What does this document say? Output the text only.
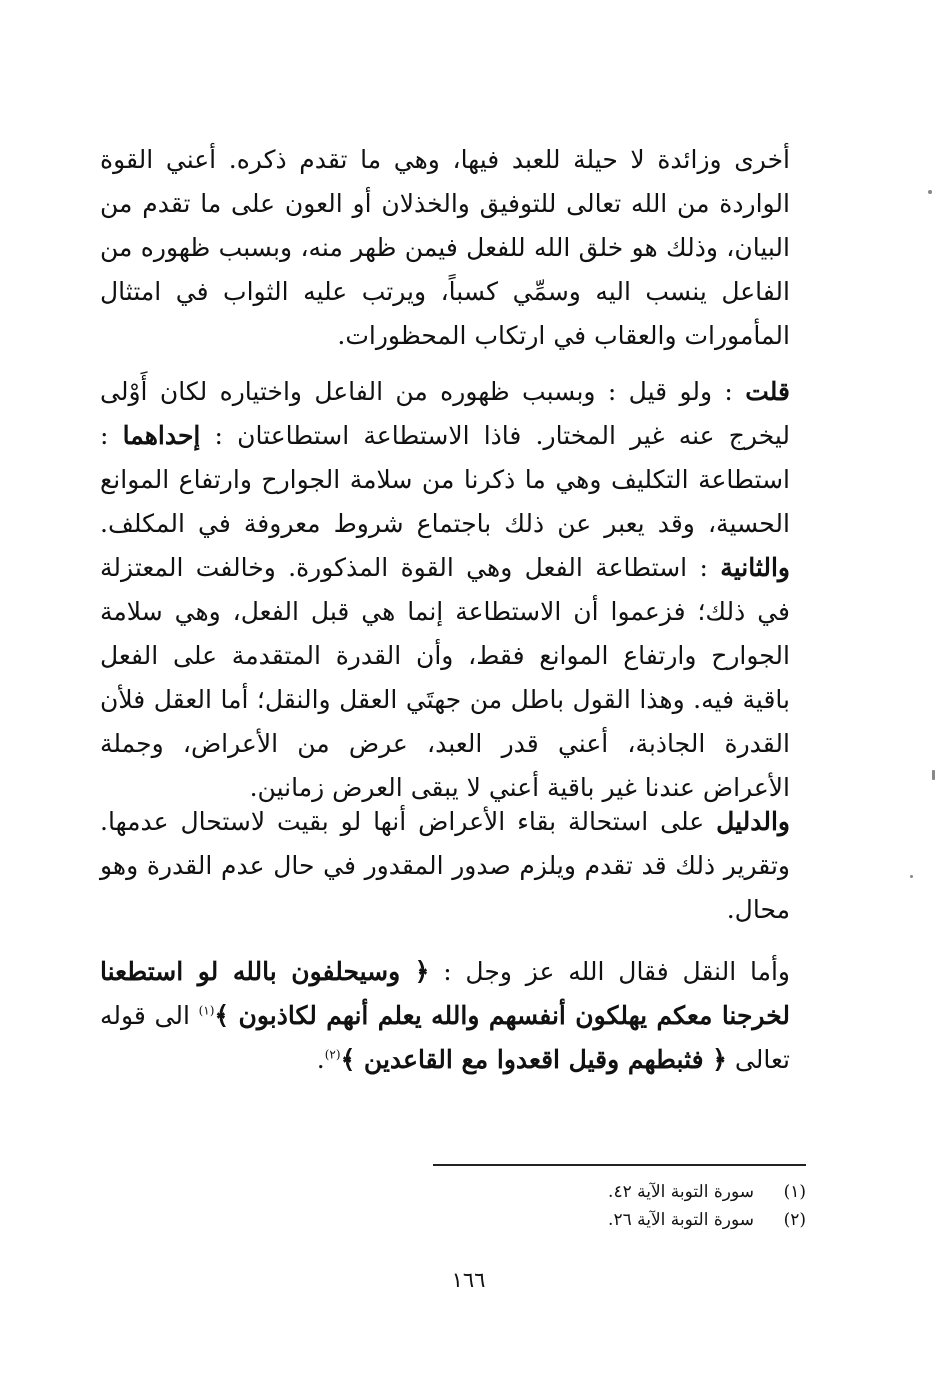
أخرى وزائدة لا حيلة للعبد فيها، وهي ما تقدم ذكره. أعني القوة الواردة من الله تعالى للتوفيق والخذلان أو العون على ما تقدم من البيان، وذلك هو خلق الله للفعل فيمن ظهر منه، وبسبب ظهوره من الفاعل ينسب اليه وسمِّي كسباً، ويرتب عليه الثواب في امتثال المأمورات والعقاب في ارتكاب المحظورات.

قلت : ولو قيل : وبسبب ظهوره من الفاعل واختياره لكان أَوْلى ليخرج عنه غير المختار. فاذا الاستطاعة استطاعتان : إحداهما : استطاعة التكليف وهي ما ذكرنا من سلامة الجوارح وارتفاع الموانع الحسية، وقد يعبر عن ذلك باجتماع شروط معروفة في المكلف. والثانية : استطاعة الفعل وهي القوة المذكورة. وخالفت المعتزلة في ذلك؛ فزعموا أن الاستطاعة إنما هي قبل الفعل، وهي سلامة الجوارح وارتفاع الموانع فقط، وأن القدرة المتقدمة على الفعل باقية فيه. وهذا القول باطل من جهتَي العقل والنقل؛ أما العقل فلأن القدرة الجاذبة، أعني قدر العبد، عرض من الأعراض، وجملة الأعراض عندنا غير باقية أعني لا يبقى العرض زمانين.

والدليل على استحالة بقاء الأعراض أنها لو بقيت لاستحال عدمها. وتقرير ذلك قد تقدم ويلزم صدور المقدور في حال عدم القدرة وهو محال.

وأما النقل فقال الله عز وجل : ﴿ وسيحلفون بالله لو استطعنا لخرجنا معكم يهلكون أنفسهم والله يعلم أنهم لكاذبون ﴾$^{(١)}$ الى قوله تعالى ﴿ فثبطهم وقيل اقعدوا مع القاعدين ﴾$^{(٢)}$.

(١)سورة التوبة الآية ٤٢.
(٢)سورة التوبة الآية ٢٦.
١٦٦
